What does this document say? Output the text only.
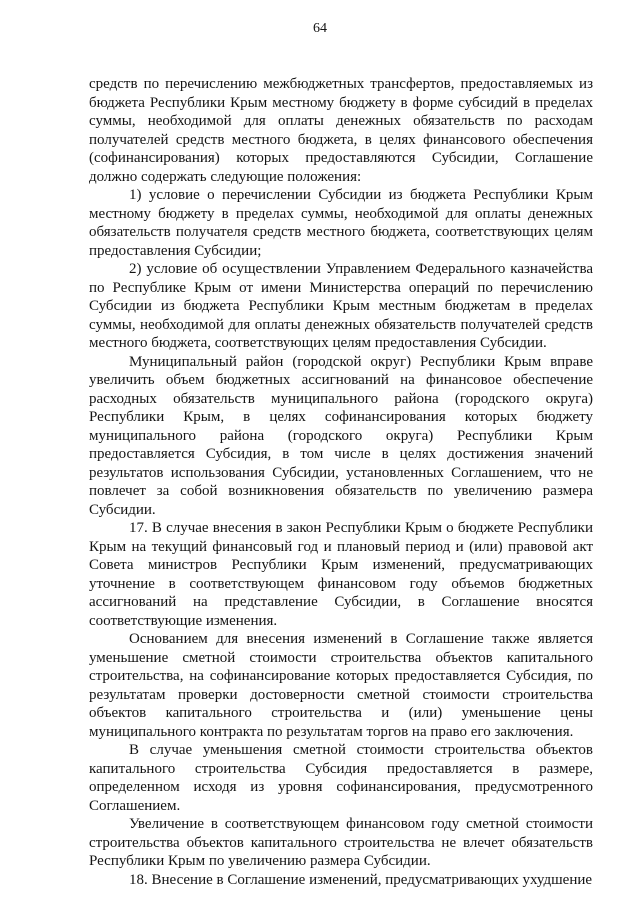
64

средств по перечислению межбюджетных трансфертов, предоставляемых из бюджета Республики Крым местному бюджету в форме субсидий в пределах суммы, необходимой для оплаты денежных обязательств по расходам получателей средств местного бюджета, в целях финансового обеспечения (софинансирования) которых предоставляются Субсидии, Соглашение должно содержать следующие положения:

1) условие о перечислении Субсидии из бюджета Республики Крым местному бюджету в пределах суммы, необходимой для оплаты денежных обязательств получателя средств местного бюджета, соответствующих целям предоставления Субсидии;

2) условие об осуществлении Управлением Федерального казначейства по Республике Крым от имени Министерства операций по перечислению Субсидии из бюджета Республики Крым местным бюджетам в пределах суммы, необходимой для оплаты денежных обязательств получателей средств местного бюджета, соответствующих целям предоставления Субсидии.

Муниципальный район (городской округ) Республики Крым вправе увеличить объем бюджетных ассигнований на финансовое обеспечение расходных обязательств муниципального района (городского округа) Республики Крым, в целях софинансирования которых бюджету муниципального района (городского округа) Республики Крым предоставляется Субсидия, в том числе в целях достижения значений результатов использования Субсидии, установленных Соглашением, что не повлечет за собой возникновения обязательств по увеличению размера Субсидии.

17. В случае внесения в закон Республики Крым о бюджете Республики Крым на текущий финансовый год и плановый период и (или) правовой акт Совета министров Республики Крым изменений, предусматривающих уточнение в соответствующем финансовом году объемов бюджетных ассигнований на представление Субсидии, в Соглашение вносятся соответствующие изменения.

Основанием для внесения изменений в Соглашение также является уменьшение сметной стоимости строительства объектов капитального строительства, на софинансирование которых предоставляется Субсидия, по результатам проверки достоверности сметной стоимости строительства объектов капитального строительства и (или) уменьшение цены муниципального контракта по результатам торгов на право его заключения.

В случае уменьшения сметной стоимости строительства объектов капитального строительства Субсидия предоставляется в размере, определенном исходя из уровня софинансирования, предусмотренного Соглашением.

Увеличение в соответствующем финансовом году сметной стоимости строительства объектов капитального строительства не влечет обязательств Республики Крым по увеличению размера Субсидии.

18. Внесение в Соглашение изменений, предусматривающих ухудшение
